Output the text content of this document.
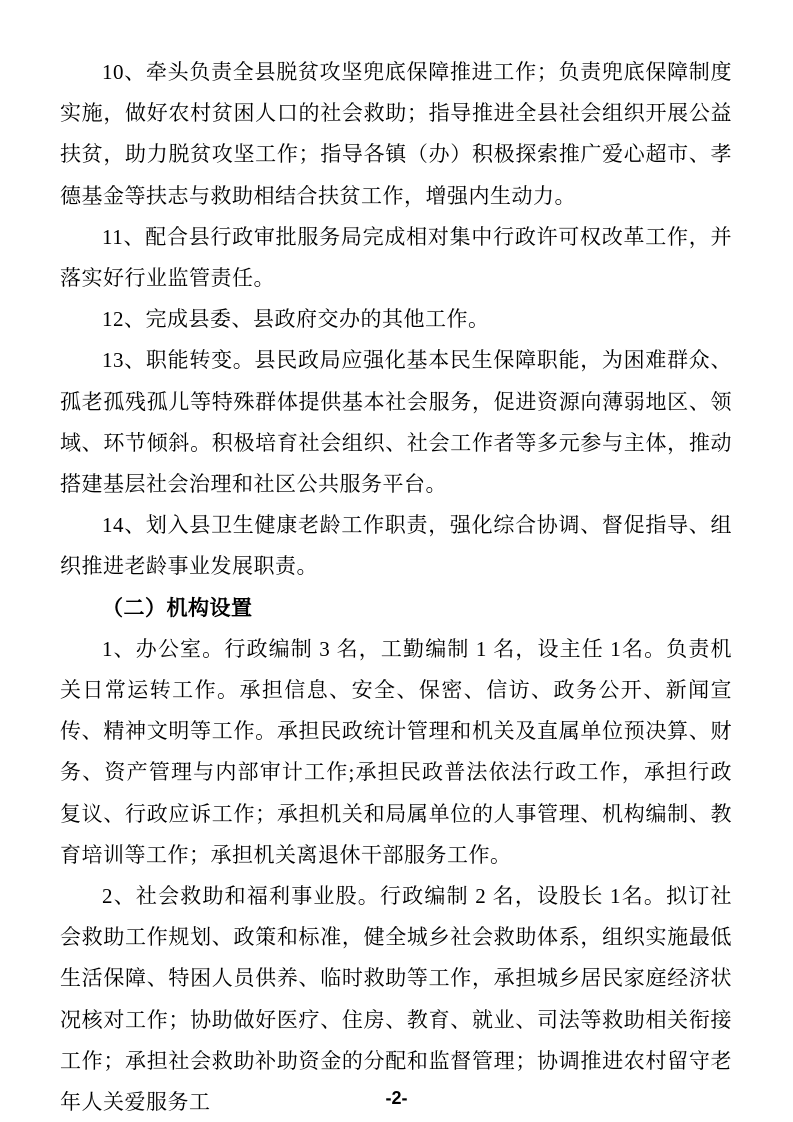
10、牵头负责全县脱贫攻坚兜底保障推进工作；负责兜底保障制度实施，做好农村贫困人口的社会救助；指导推进全县社会组织开展公益扶贫，助力脱贫攻坚工作；指导各镇（办）积极探索推广爱心超市、孝德基金等扶志与救助相结合扶贫工作，增强内生动力。

11、配合县行政审批服务局完成相对集中行政许可权改革工作，并落实好行业监管责任。

12、完成县委、县政府交办的其他工作。

13、职能转变。县民政局应强化基本民生保障职能，为困难群众、孤老孤残孤儿等特殊群体提供基本社会服务，促进资源向薄弱地区、领域、环节倾斜。积极培育社会组织、社会工作者等多元参与主体，推动搭建基层社会治理和社区公共服务平台。

14、划入县卫生健康老龄工作职责，强化综合协调、督促指导、组织推进老龄事业发展职责。

（二）机构设置

1、办公室。行政编制 3 名，工勤编制 1 名，设主任 1名。负责机关日常运转工作。承担信息、安全、保密、信访、政务公开、新闻宣传、精神文明等工作。承担民政统计管理和机关及直属单位预决算、财务、资产管理与内部审计工作;承担民政普法依法行政工作，承担行政复议、行政应诉工作；承担机关和局属单位的人事管理、机构编制、教育培训等工作；承担机关离退休干部服务工作。

2、社会救助和福利事业股。行政编制 2 名，设股长 1名。拟订社会救助工作规划、政策和标准，健全城乡社会救助体系，组织实施最低生活保障、特困人员供养、临时救助等工作，承担城乡居民家庭经济状况核对工作；协助做好医疗、住房、教育、就业、司法等救助相关衔接工作；承担社会救助补助资金的分配和监督管理；协调推进农村留守老年人关爱服务工	-2-
